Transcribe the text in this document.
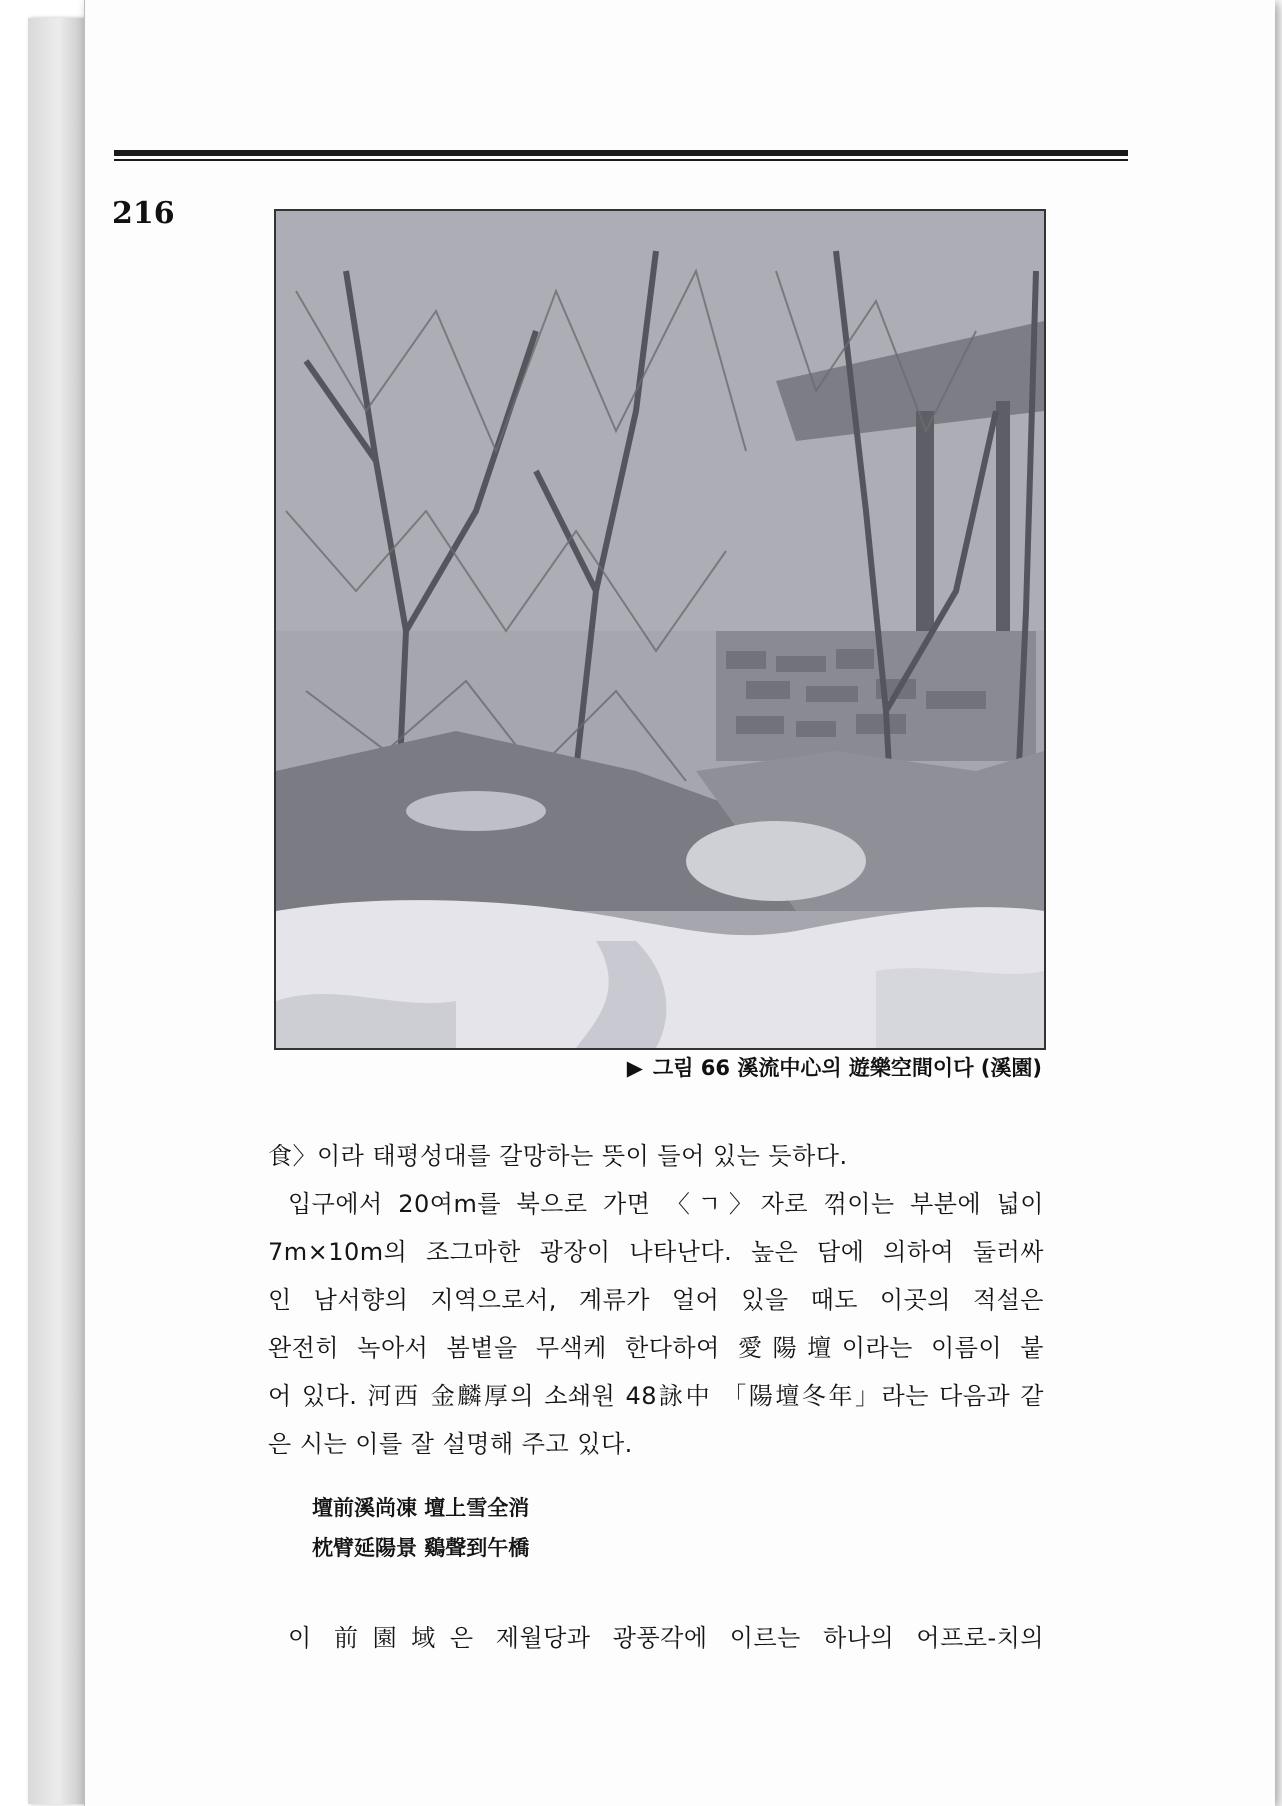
216
▶ 그림 66 溪流中心의 遊樂空間이다 (溪園)
食〉이라 태평성대를 갈망하는 뜻이 들어 있는 듯하다.
입구에서 20여m를 북으로 가면 〈ㄱ〉자로 꺾이는 부분에 넓이
7m×10m의 조그마한 광장이 나타난다. 높은 담에 의하여 둘러싸
인 남서향의 지역으로서, 계류가 얼어 있을 때도 이곳의 적설은
완전히 녹아서 봄볕을 무색케 한다하여 愛陽壇이라는 이름이 붙
어 있다. 河西 金麟厚의 소쇄원 48詠中 「陽壇冬年」라는 다음과 같
은 시는 이를 잘 설명해 주고 있다.
壇前溪尚凍 壇上雪全消
枕臂延陽景 鷄聲到午橋
이 前園域은 제월당과 광풍각에 이르는 하나의 어프로-치의
